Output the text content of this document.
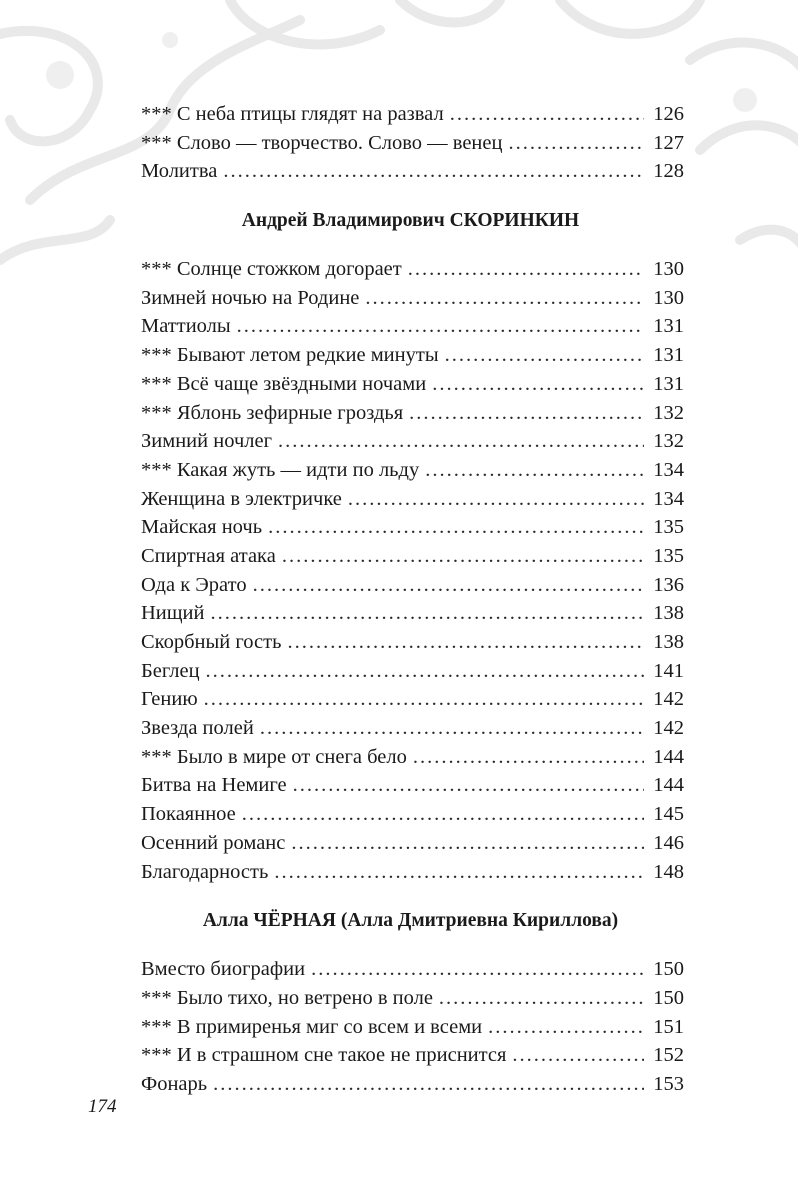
*** С неба птицы глядят на развал .....	126
*** Слово — творчество. Слово — венец .....	127
Молитва .....	128
Андрей Владимирович СКОРИНКИН
*** Солнце стожком догорает .....	130
Зимней ночью на Родине .....	130
Маттиолы .....	131
*** Бывают летом редкие минуты .....	131
*** Всё чаще звёздными ночами .....	131
*** Яблонь зефирные гроздья .....	132
Зимний ночлег .....	132
*** Какая жуть — идти по льду .....	134
Женщина в электричке .....	134
Майская ночь .....	135
Спиртная атака .....	135
Ода к Эрато .....	136
Нищий .....	138
Скорбный гость .....	138
Беглец .....	141
Гению .....	142
Звезда полей .....	142
*** Было в мире от снега бело .....	144
Битва на Немиге .....	144
Покаянное .....	145
Осенний романс .....	146
Благодарность .....	148
Алла ЧЁРНАЯ (Алла Дмитриевна Кириллова)
Вместо биографии .....	150
*** Было тихо, но ветрено в поле .....	150
*** В примиренья миг со всем и всеми .....	151
*** И в страшном сне такое не приснится .....	152
Фонарь .....	153
174
